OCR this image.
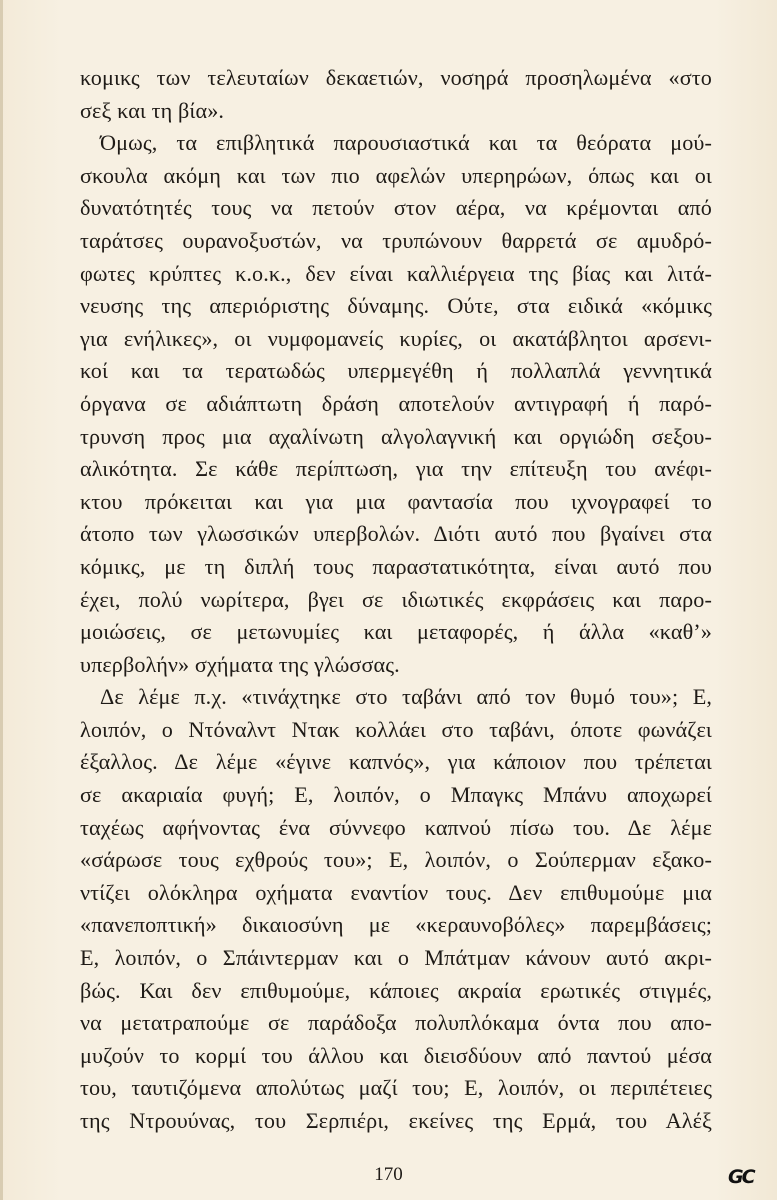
κομικς των τελευταίων δεκαετιών, νοσηρά προσηλωμένα «στο
σεξ και τη βία».
Όμως, τα επιβλητικά παρουσιαστικά και τα θεόρατα μού-
σκουλα ακόμη και των πιο αφελών υπερηρώων, όπως και οι
δυνατότητές τους να πετούν στον αέρα, να κρέμονται από
ταράτσες ουρανοξυστών, να τρυπώνουν θαρρετά σε αμυδρό-
φωτες κρύπτες κ.ο.κ., δεν είναι καλλιέργεια της βίας και λιτά-
νευσης της απεριόριστης δύναμης. Ούτε, στα ειδικά «κόμικς
για ενήλικες», οι νυμφομανείς κυρίες, οι ακατάβλητοι αρσενι-
κοί και τα τερατωδώς υπερμεγέθη ή πολλαπλά γεννητικά
όργανα σε αδιάπτωτη δράση αποτελούν αντιγραφή ή παρό-
τρυνση προς μια αχαλίνωτη αλγολαγνική και οργιώδη σεξου-
αλικότητα. Σε κάθε περίπτωση, για την επίτευξη του ανέφι-
κτου πρόκειται και για μια φαντασία που ιχνογραφεί το
άτοπο των γλωσσικών υπερβολών. Διότι αυτό που βγαίνει στα
κόμικς, με τη διπλή τους παραστατικότητα, είναι αυτό που
έχει, πολύ νωρίτερα, βγει σε ιδιωτικές εκφράσεις και παρο-
μοιώσεις, σε μετωνυμίες και μεταφορές, ή άλλα «καθ’»
υπερβολήν» σχήματα της γλώσσας.
Δε λέμε π.χ. «τινάχτηκε στο ταβάνι από τον θυμό του»; Ε,
λοιπόν, ο Ντόναλντ Ντακ κολλάει στο ταβάνι, όποτε φωνάζει
έξαλλος. Δε λέμε «έγινε καπνός», για κάποιον που τρέπεται
σε ακαριαία φυγή; Ε, λοιπόν, ο Μπαγκς Μπάνυ αποχωρεί
ταχέως αφήνοντας ένα σύννεφο καπνού πίσω του. Δε λέμε
«σάρωσε τους εχθρούς του»; Ε, λοιπόν, ο Σούπερμαν εξακο-
ντίζει ολόκληρα οχήματα εναντίον τους. Δεν επιθυμούμε μια
«πανεποπτική» δικαιοσύνη με «κεραυνοβόλες» παρεμβάσεις;
Ε, λοιπόν, ο Σπάιντερμαν και ο Μπάτμαν κάνουν αυτό ακρι-
βώς. Και δεν επιθυμούμε, κάποιες ακραία ερωτικές στιγμές,
να μετατραπούμε σε παράδοξα πολυπλόκαμα όντα που απο-
μυζούν το κορμί του άλλου και διεισδύουν από παντού μέσα
του, ταυτιζόμενα απολύτως μαζί του; Ε, λοιπόν, οι περιπέτειες
της Ντρουύνας, του Σερπιέρι, εκείνες της Ερμά, του Αλέξ
170	GC
